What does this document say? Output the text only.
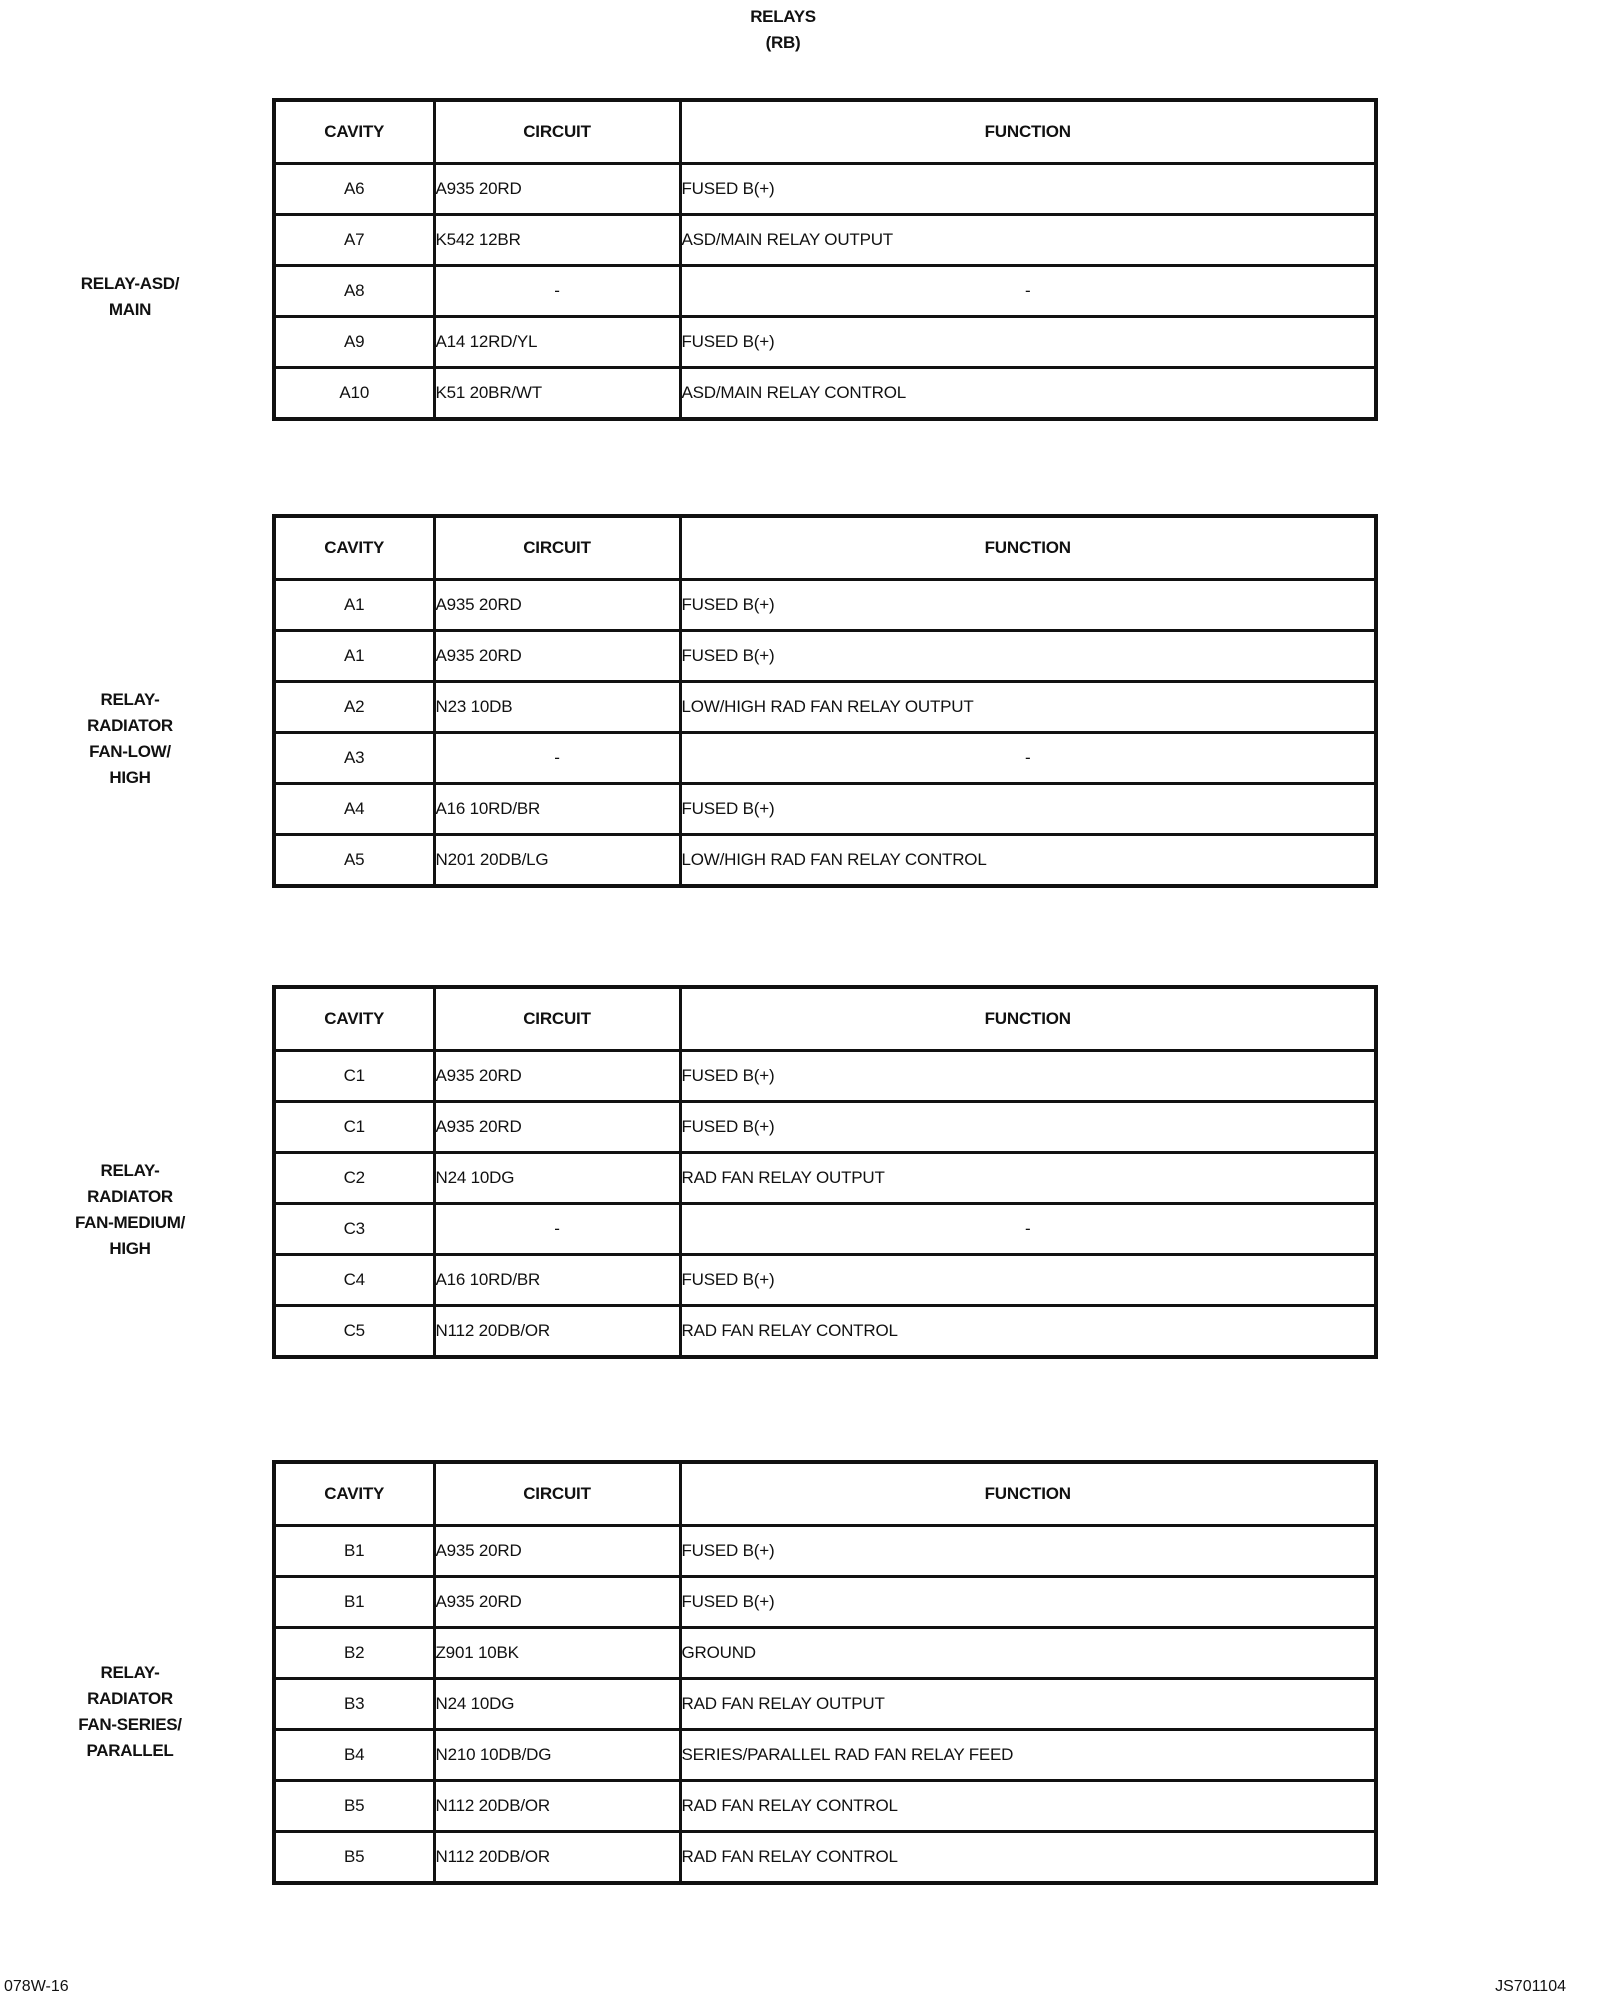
RELAYS
(RB)
CAVITY	CIRCUIT	FUNCTION
A6	A935 20RD	FUSED B(+)
A7	K542 12BR	ASD/MAIN RELAY OUTPUT
A8	-	-
A9	A14 12RD/YL	FUSED B(+)
A10	K51 20BR/WT	ASD/MAIN RELAY CONTROL
RELAY-ASD/
MAIN
CAVITY	CIRCUIT	FUNCTION
A1	A935 20RD	FUSED B(+)
A1	A935 20RD	FUSED B(+)
A2	N23 10DB	LOW/HIGH RAD FAN RELAY OUTPUT
A3	-	-
A4	A16 10RD/BR	FUSED B(+)
A5	N201 20DB/LG	LOW/HIGH RAD FAN RELAY CONTROL
RELAY-
RADIATOR
FAN-LOW/
HIGH
CAVITY	CIRCUIT	FUNCTION
C1	A935 20RD	FUSED B(+)
C1	A935 20RD	FUSED B(+)
C2	N24 10DG	RAD FAN RELAY OUTPUT
C3	-	-
C4	A16 10RD/BR	FUSED B(+)
C5	N112 20DB/OR	RAD FAN RELAY CONTROL
RELAY-
RADIATOR
FAN-MEDIUM/
HIGH
CAVITY	CIRCUIT	FUNCTION
B1	A935 20RD	FUSED B(+)
B1	A935 20RD	FUSED B(+)
B2	Z901 10BK	GROUND
B3	N24 10DG	RAD FAN RELAY OUTPUT
B4	N210 10DB/DG	SERIES/PARALLEL RAD FAN RELAY FEED
B5	N112 20DB/OR	RAD FAN RELAY CONTROL
B5	N112 20DB/OR	RAD FAN RELAY CONTROL
RELAY-
RADIATOR
FAN-SERIES/
PARALLEL
078W-16	JS701104
